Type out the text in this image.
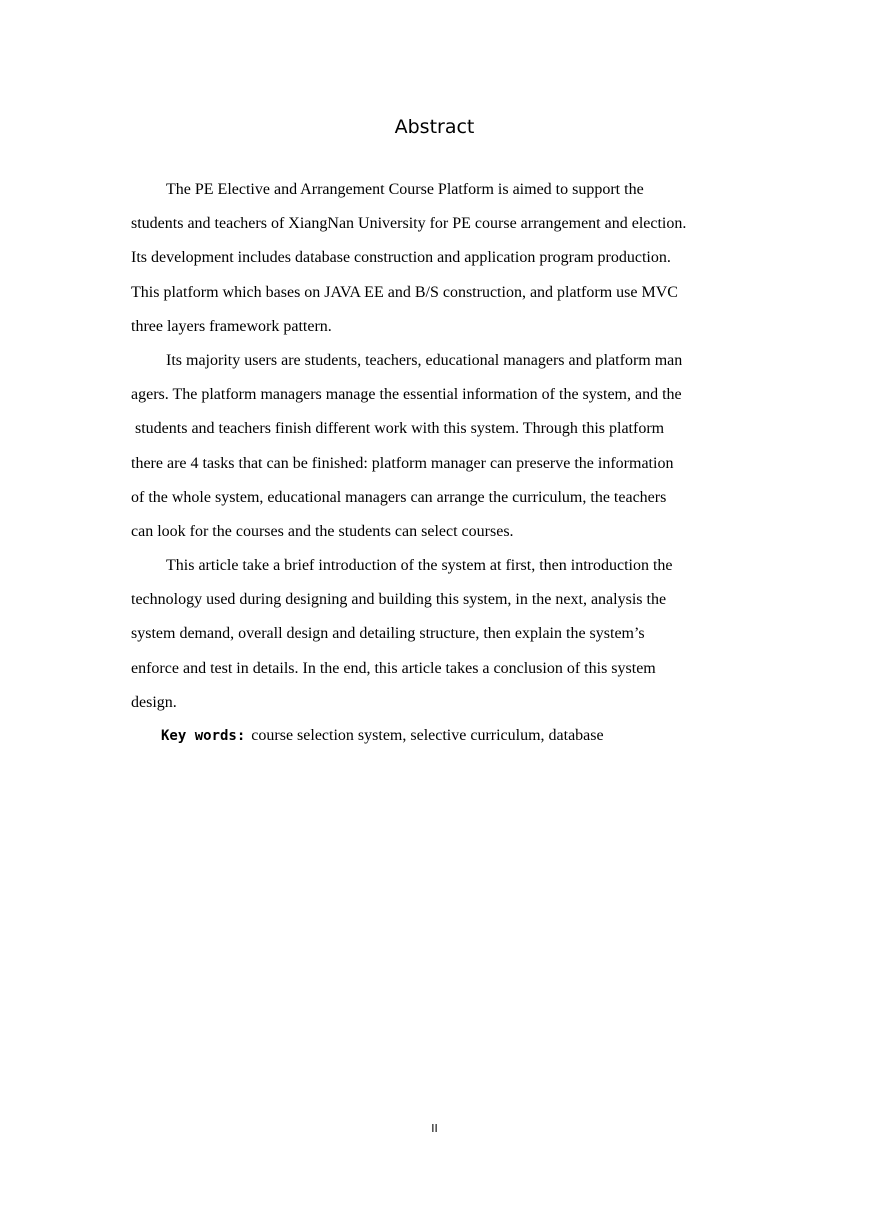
Abstract
The PE Elective and Arrangement Course Platform is aimed to support the
students and teachers of XiangNan University for PE course arrangement and election.
Its development includes database construction and application program production.
This platform which bases on JAVA EE and B/S construction, and platform use MVC
three layers framework pattern.
Its majority users are students, teachers, educational managers and platform man
agers. The platform managers manage the essential information of the system, and the
students and teachers finish different work with this system. Through this platform
there are 4 tasks that can be finished: platform manager can preserve the information
of the whole system, educational managers can arrange the curriculum, the teachers
can look for the courses and the students can select courses.
This article take a brief introduction of the system at first, then introduction the
technology used during designing and building this system, in the next, analysis the
system demand, overall design and detailing structure, then explain the system’s
enforce and test in details. In the end, this article takes a conclusion of this system
design.
Key words: course selection system, selective curriculum, database
II
